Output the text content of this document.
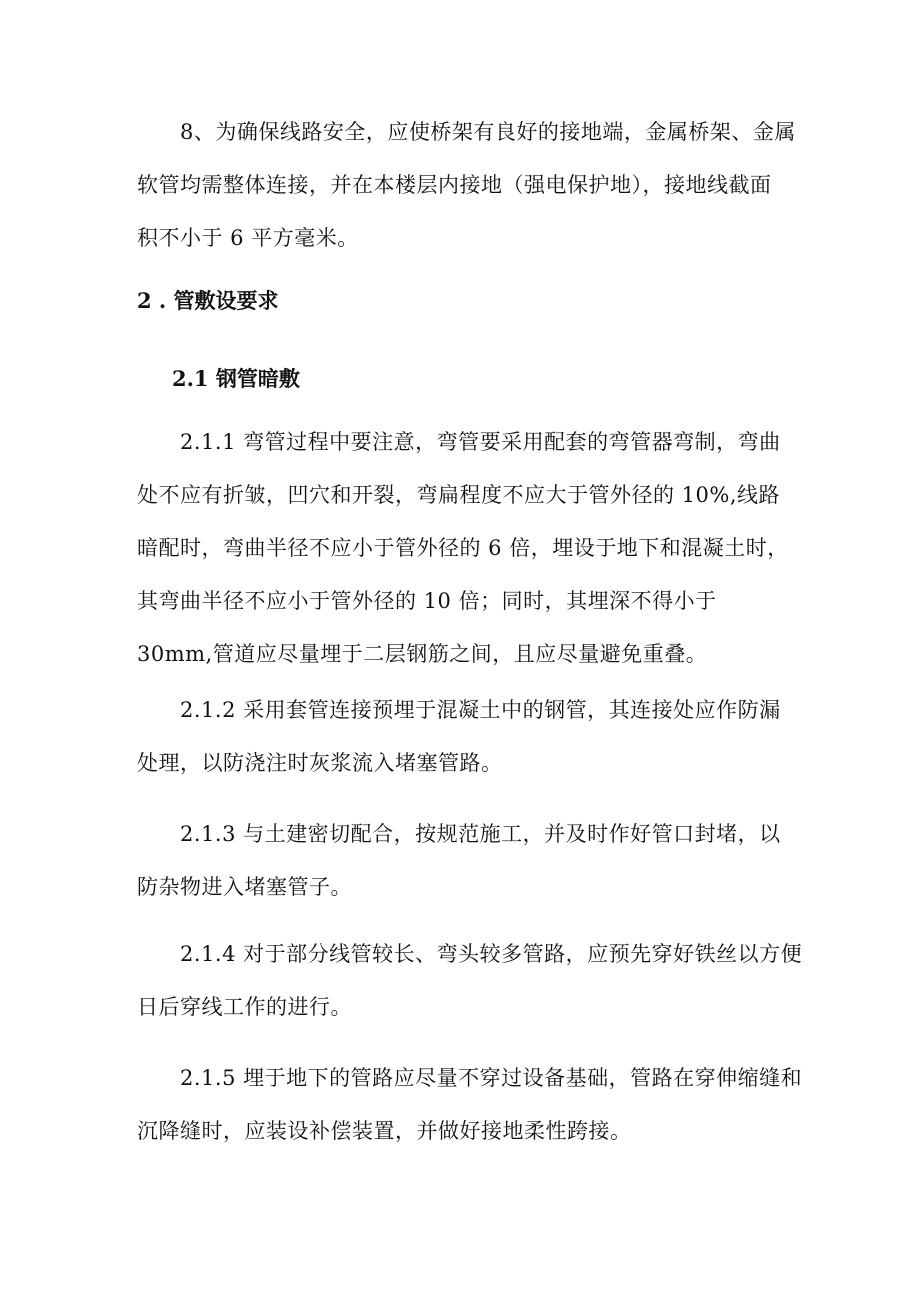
　　8、为确保线路安全，应使桥架有良好的接地端，金属桥架、金属
软管均需整体连接，并在本楼层内接地（强电保护地），接地线截面
积不小于 6 平方毫米。

2 . 管敷设要求
2.1 钢管暗敷

　　2.1.1 弯管过程中要注意，弯管要采用配套的弯管器弯制，弯曲
处不应有折皱，凹穴和开裂，弯扁程度不应大于管外径的 10%,线路
暗配时，弯曲半径不应小于管外径的 6 倍，埋设于地下和混凝土时，
其弯曲半径不应小于管外径的 10 倍；同时，其埋深不得小于
30mm,管道应尽量埋于二层钢筋之间，且应尽量避免重叠。

　　2.1.2 采用套管连接预埋于混凝土中的钢管，其连接处应作防漏
处理，以防浇注时灰浆流入堵塞管路。

　　2.1.3 与土建密切配合，按规范施工，并及时作好管口封堵，以
防杂物进入堵塞管子。

　　2.1.4 对于部分线管较长、弯头较多管路，应预先穿好铁丝以方便
日后穿线工作的进行。

　　2.1.5 埋于地下的管路应尽量不穿过设备基础，管路在穿伸缩缝和
沉降缝时，应装设补偿装置，并做好接地柔性跨接。
